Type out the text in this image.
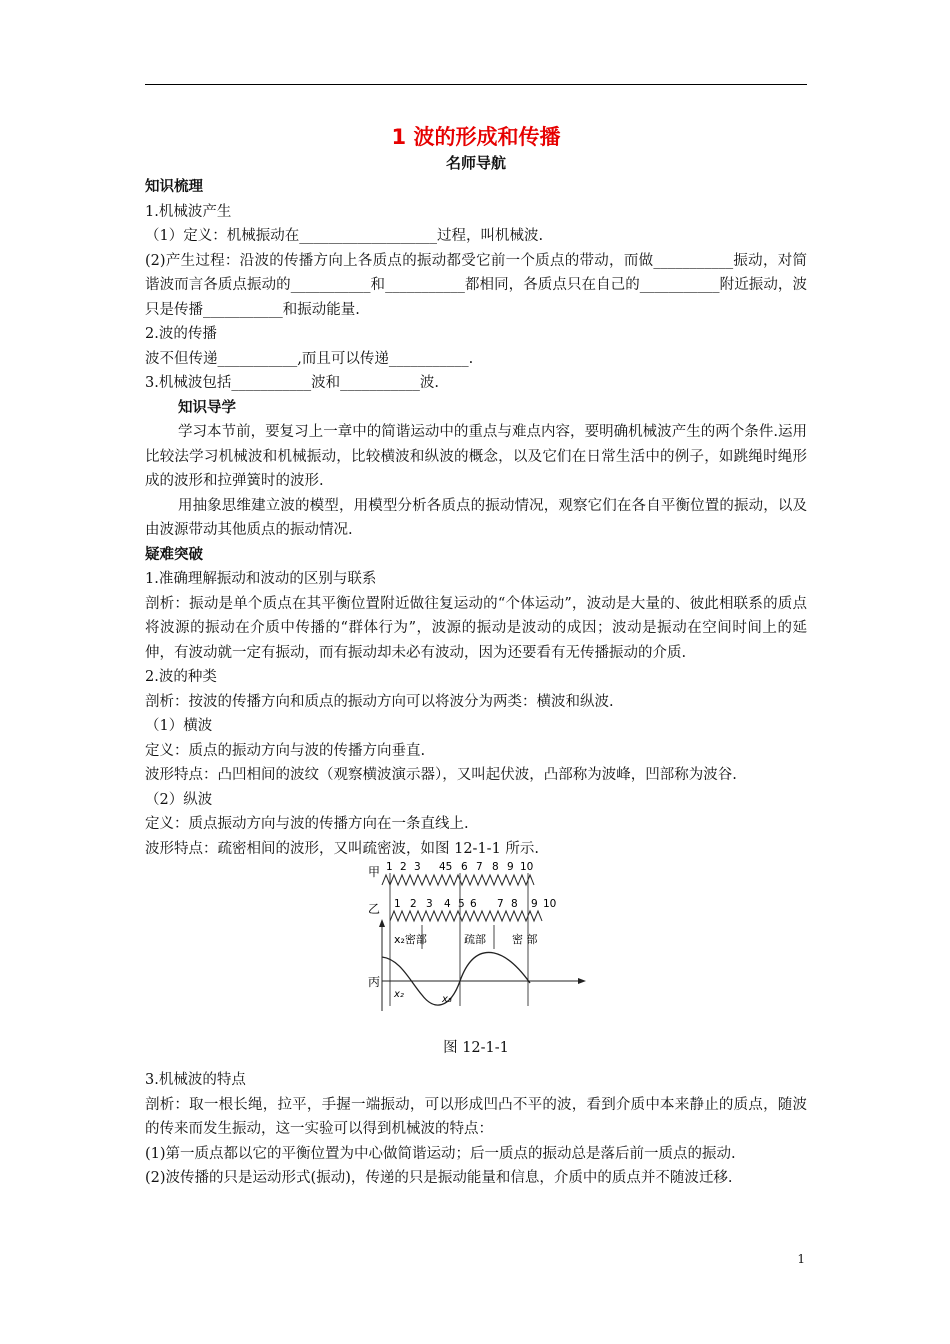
1 波的形成和传播
名师导航
知识梳理

1.机械波产生

（1）定义：机械振动在___________________过程，叫机械波.

(2)产生过程：沿波的传播方向上各质点的振动都受它前一个质点的带动，而做___________振动，对简谐波而言各质点振动的___________和___________都相同，各质点只在自己的___________附近振动，波只是传播___________和振动能量.

2.波的传播

波不但传递___________,而且可以传递___________.

3.机械波包括___________波和___________波.

知识导学

学习本节前，要复习上一章中的简谐运动中的重点与难点内容，要明确机械波产生的两个条件.运用比较法学习机械波和机械振动，比较横波和纵波的概念，以及它们在日常生活中的例子，如跳绳时绳形成的波形和拉弹簧时的波形.

用抽象思维建立波的模型，用模型分析各质点的振动情况，观察它们在各自平衡位置的振动，以及由波源带动其他质点的振动情况.

疑难突破

1.准确理解振动和波动的区别与联系

剖析：振动是单个质点在其平衡位置附近做往复运动的“个体运动”，波动是大量的、彼此相联系的质点将波源的振动在介质中传播的“群体行为”，波源的振动是波动的成因；波动是振动在空间时间上的延伸，有波动就一定有振动，而有振动却未必有波动，因为还要看有无传播振动的介质.

2.波的种类

剖析：按波的传播方向和质点的振动方向可以将波分为两类：横波和纵波.

（1）横波

定义：质点的振动方向与波的传播方向垂直.

波形特点：凸凹相间的波纹（观察横波演示器），又叫起伏波，凸部称为波峰，凹部称为波谷.

（2）纵波

定义：质点振动方向与波的传播方向在一条直线上.

波形特点：疏密相间的波形，又叫疏密波，如图 12-1-1 所示.

甲
乙
丙
1 2 3 45 6 7 8 9 10
1 2 3 4 5 6 7 8 9 10
x₂密部	疏部 密 部
x₂	x₃
图 12-1-1

3.机械波的特点

剖析：取一根长绳，拉平，手握一端振动，可以形成凹凸不平的波，看到介质中本来静止的质点，随波的传来而发生振动，这一实验可以得到机械波的特点：

(1)第一质点都以它的平衡位置为中心做简谐运动；后一质点的振动总是落后前一质点的振动.

(2)波传播的只是运动形式(振动)，传递的只是振动能量和信息，介质中的质点并不随波迁移.

1
